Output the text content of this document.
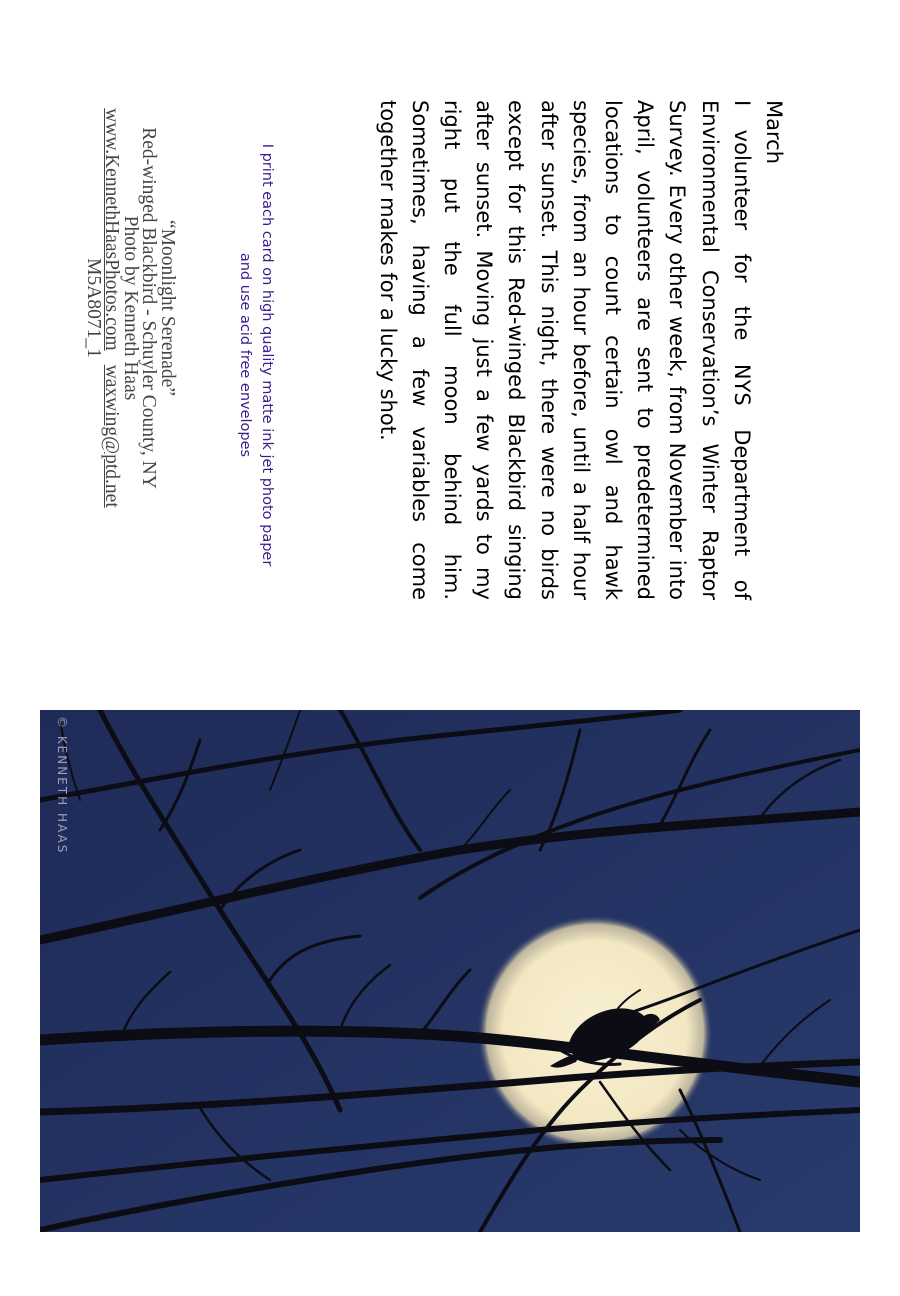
March
I volunteer for the NYS Department of Environmental Conservation’s Winter Raptor Survey. Every other week, from November into April, volunteers are sent to predetermined locations to count certain owl and hawk species, from an hour before, until a half hour after sunset. This night, there were no birds except for this Red-winged Blackbird singing after sunset. Moving just a few yards to my right put the full moon behind him. Sometimes, having a few variables come together makes for a lucky shot.
I print each card on high quality matte ink jet photo paper
and use acid free envelopes
“Moonlight Serenade”
Red-winged Blackbird - Schuyler County, NY
Photo by Kenneth Haas
www.KennethHaasPhotos.comwaxwing@ptd.net
M5A8071_1
© KENNETH HAAS
